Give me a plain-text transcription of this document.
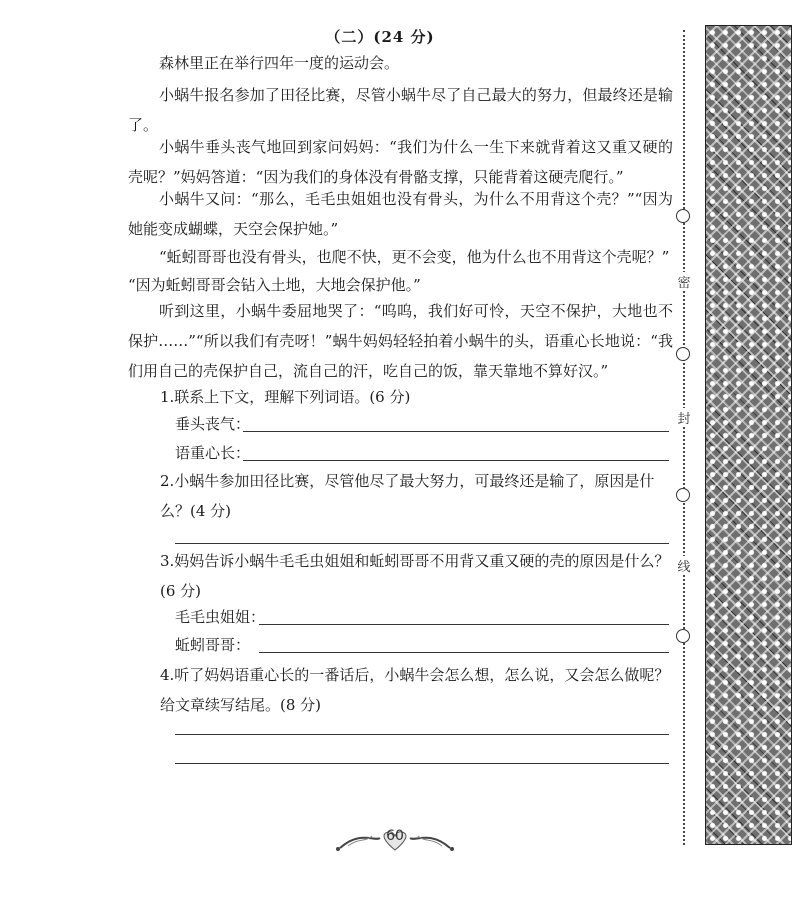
（二）(24 分)

森林里正在举行四年一度的运动会。

小蜗牛报名参加了田径比赛，尽管小蜗牛尽了自己最大的努力，但最终还是输了。

小蜗牛垂头丧气地回到家问妈妈：“我们为什么一生下来就背着这又重又硬的壳呢？”妈妈答道：“因为我们的身体没有骨骼支撑，只能背着这硬壳爬行。”

小蜗牛又问：“那么，毛毛虫姐姐也没有骨头，为什么不用背这个壳？”“因为她能变成蝴蝶，天空会保护她。”

“蚯蚓哥哥也没有骨头，也爬不快，更不会变，他为什么也不用背这个壳呢？”

“因为蚯蚓哥哥会钻入土地，大地会保护他。”

听到这里，小蜗牛委屈地哭了：“呜呜，我们好可怜，天空不保护，大地也不保护……”“所以我们有壳呀！”蜗牛妈妈轻轻拍着小蜗牛的头，语重心长地说：“我们用自己的壳保护自己，流自己的汗，吃自己的饭，靠天靠地不算好汉。”

1.联系上下文，理解下列词语。(6 分)
垂头丧气：
语重心长：
2.小蜗牛参加田径比赛，尽管他尽了最大努力，可最终还是输了，原因是什么？(4 分)
3.妈妈告诉小蜗牛毛毛虫姐姐和蚯蚓哥哥不用背又重又硬的壳的原因是什么？(6 分)
毛毛虫姐姐：
蚯蚓哥哥：
4.听了妈妈语重心长的一番话后，小蜗牛会怎么想，怎么说，又会怎么做呢？给文章续写结尾。(8 分)
密
封
线
60
